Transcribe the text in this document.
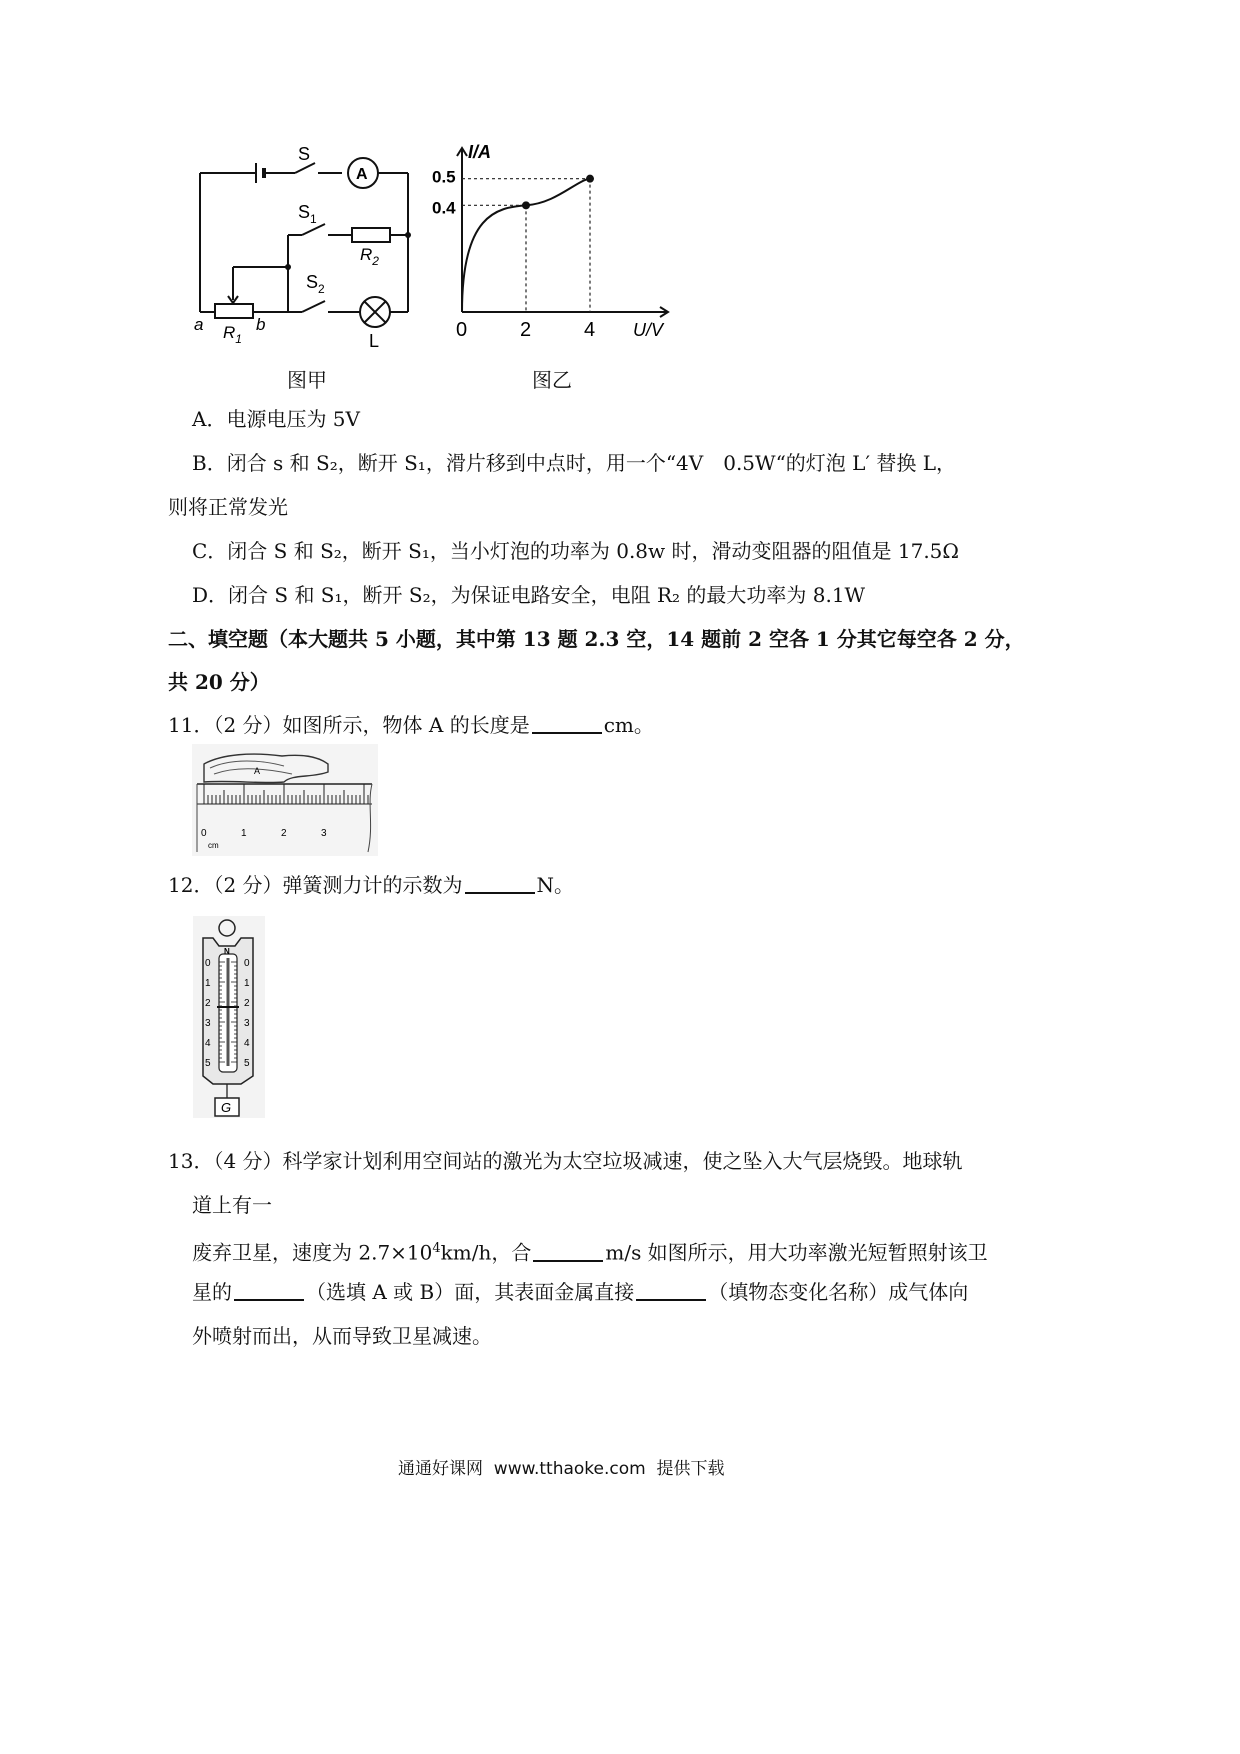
S
A
$S_1$
$R_2$
$S_2$
a	b
$R_1$	L
0.5
0.4
0	2	4
I/A
U/V
图甲	图乙
A．电源电压为 5V
B．闭合 s 和 S₂，断开 S₁，滑片移到中点时，用一个“4V　0.5W“的灯泡 L′ 替换 L，
则将正常发光
C．闭合 S 和 S₂，断开 S₁，当小灯泡的功率为 0.8w 时，滑动变阻器的阻值是 17.5Ω
D．闭合 S 和 S₁，断开 S₂，为保证电路安全，电阻 R₂ 的最大功率为 8.1W
二、填空题（本大题共 5 小题，其中第 13 题 2.3 空，14 题前 2 空各 1 分其它每空各 2 分，
共 20 分）
11．（2 分）如图所示，物体 A 的长度是	cm。
A
0	1	2	3
cm
12．（2 分）弹簧测力计的示数为	N。
N
0	0
1	1
2	2
3	3
4	4
5	5
G
13．（4 分）科学家计划利用空间站的激光为太空垃圾减速，使之坠入大气层烧毁。地球轨
道上有一
废弃卫星，速度为 $2.7\times 10^4km/h$，合	m/s 如图所示，用大功率激光短暂照射该卫
星的	（选填 A 或 B）面，其表面金属直接	（填物态变化名称）成气体向
外喷射而出，从而导致卫星减速。
通通好课网  www.tthaoke.com  提供下载
